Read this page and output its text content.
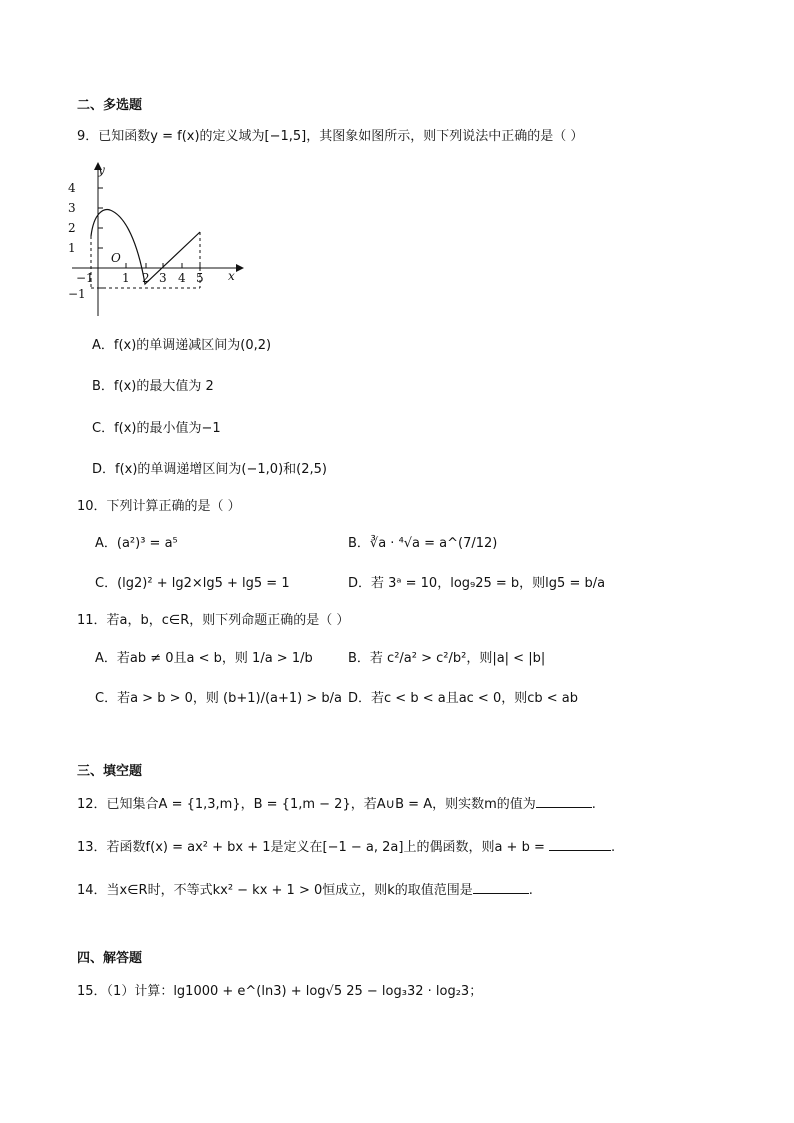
二、多选题
9．已知函数y = f(x)的定义域为[−1,5]，其图象如图所示，则下列说法中正确的是（ ）
y
4
3
2
1
−1
O
−1 1 2 3 4 5 x
A．f(x)的单调递减区间为(0,2)
B．f(x)的最大值为 2
C．f(x)的最小值为−1
D．f(x)的单调递增区间为(−1,0)和(2,5)
10．下列计算正确的是（ ）
A．(a²)³ = a⁵	B．∛a · ⁴√a = a^(7/12)
C．(lg2)² + lg2×lg5 + lg5 = 1	D．若 3ᵃ = 10，log₉25 = b，则lg5 = b/a
11．若a，b，c∈R，则下列命题正确的是（ ）
A．若ab ≠ 0且a < b，则 1/a > 1/b	B．若 c²/a² > c²/b²，则|a| < |b|
C．若a > b > 0，则 (b+1)/(a+1) > b/a D．若c < b < a且ac < 0，则cb < ab
三、填空题
12．已知集合A = {1,3,m}，B = {1,m − 2}，若A∪B = A，则实数m的值为	.
13．若函数f(x) = ax² + bx + 1是定义在[−1 − a, 2a]上的偶函数，则a + b =	.
14．当x∈R时，不等式kx² − kx + 1 > 0恒成立，则k的取值范围是	.
四、解答题
15．（1）计算：lg1000 + e^(ln3) + log√5 25 − log₃32 · log₂3；
